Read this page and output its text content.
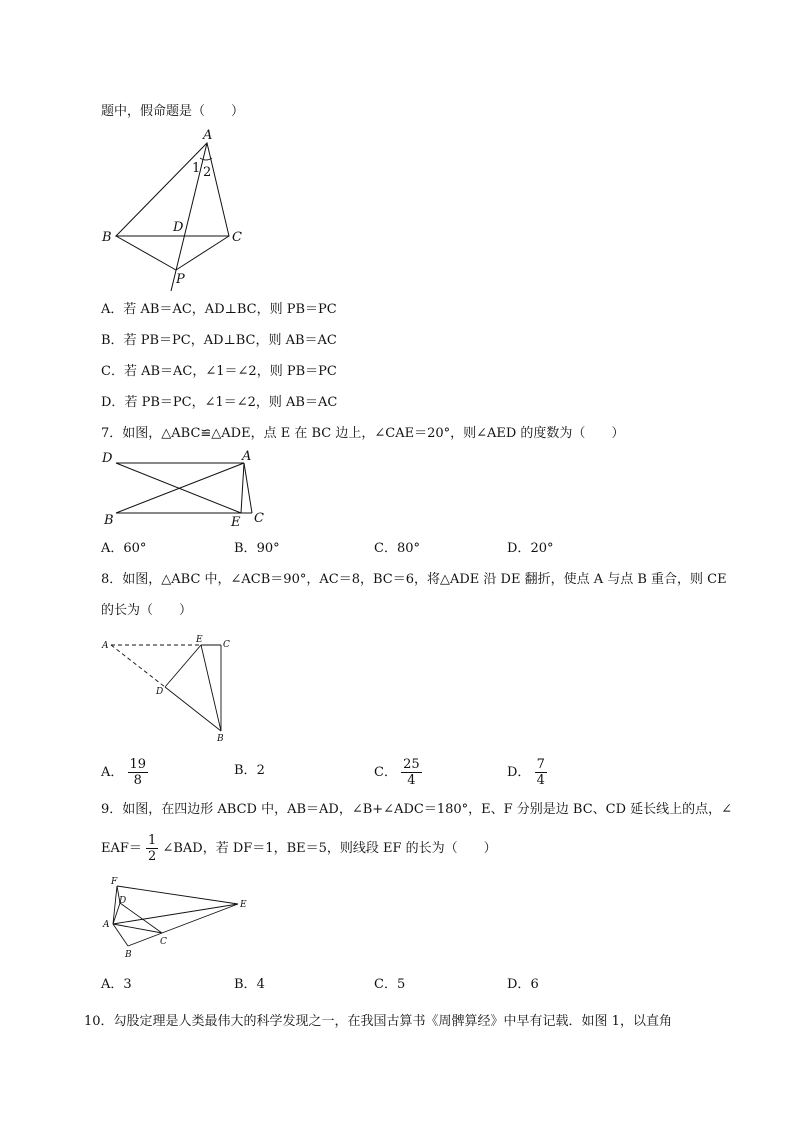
题中，假命题是（　　）
A
1 2
B
D
C
P
A．若 AB＝AC，AD⊥BC，则 PB＝PC
B．若 PB＝PC，AD⊥BC，则 AB＝AC
C．若 AB＝AC，∠1＝∠2，则 PB＝PC
D．若 PB＝PC，∠1＝∠2，则 AB＝AC
7．如图，△ABC≌△ADE，点 E 在 BC 边上，∠CAE＝20°，则∠AED 的度数为（　　）
D	A
B	E C
A．60°	B．90°	C．80°	D．20°
8．如图，△ABC 中，∠ACB＝90°，AC＝8，BC＝6，将△ADE 沿 DE 翻折，使点 A 与点 B 重合，则 CE
的长为（　　）
A
E C
D
B
A． $\frac{19}{8}$	B．2	C． $\frac{25}{4}$	D． $\frac{7}{4}$
9．如图，在四边形 ABCD 中，AB＝AD，∠B+∠ADC＝180°，E、F 分别是边 BC、CD 延长线上的点，∠
$EAF= \frac{1}{2}$ ∠BAD，若 DF＝1，BE＝5，则线段 EF 的长为（　　）
F
D	E
A
C
B
A．3	B．4	C．5	D．6
10．勾股定理是人类最伟大的科学发现之一，在我国古算书《周髀算经》中早有记载．如图 1，以直角
